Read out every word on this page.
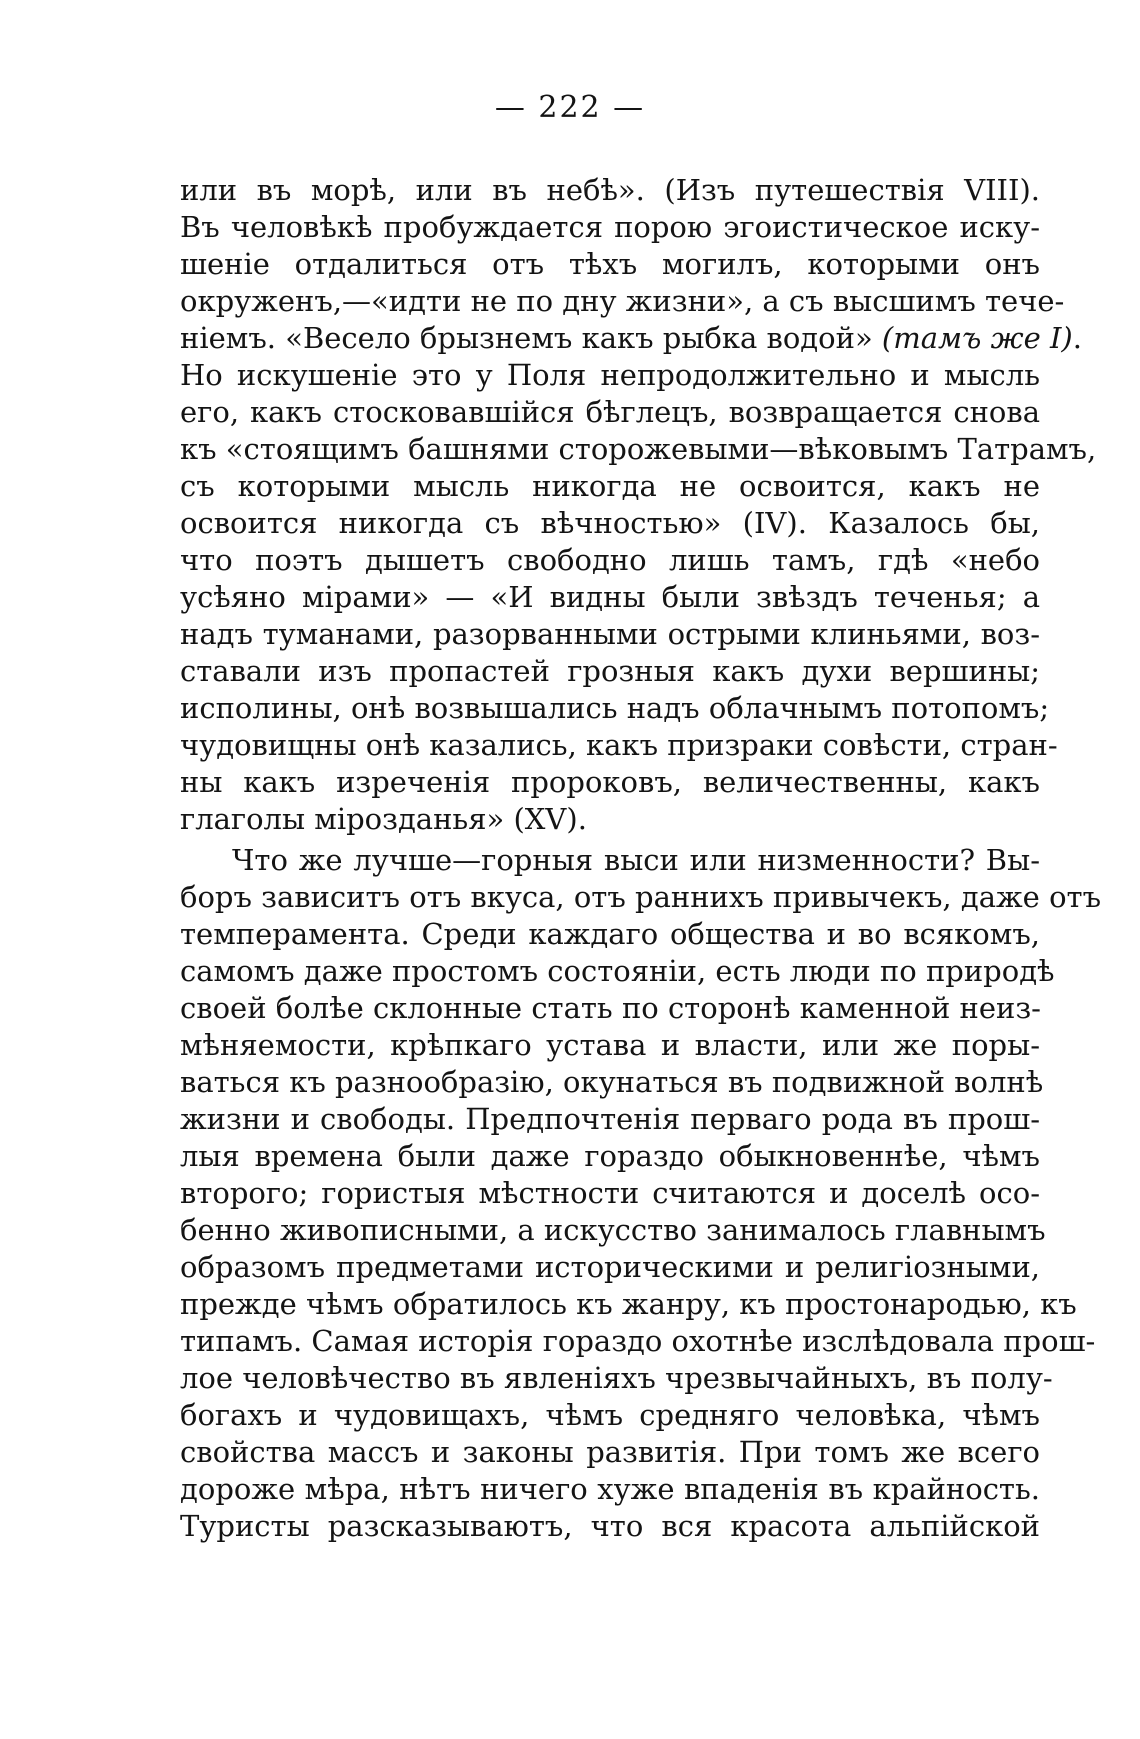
— 222 —
или въ морѣ, или въ небѣ». (Изъ путешествія VIII).
Въ человѣкѣ пробуждается порою эгоистическое иску-
шеніе отдалиться отъ тѣхъ могилъ, которыми онъ
окруженъ,—«идти не по дну жизни», а съ высшимъ тече-
ніемъ. «Весело брызнемъ какъ рыбка водой» (тамъ же I).
Но искушеніе это у Поля непродолжительно и мысль
его, какъ стосковавшійся бѣглецъ, возвращается снова
къ «стоящимъ башнями сторожевыми—вѣковымъ Татрамъ,
съ которыми мысль никогда не освоится, какъ не
освоится никогда съ вѣчностью» (IV). Казалось бы,
что поэтъ дышетъ свободно лишь тамъ, гдѣ «небо
усѣяно мірами» — «И видны были звѣздъ теченья; а
надъ туманами, разорванными острыми клиньями, воз-
ставали изъ пропастей грозныя какъ духи вершины;
исполины, онѣ возвышались надъ облачнымъ потопомъ;
чудовищны онѣ казались, какъ призраки совѣсти, стран-
ны какъ изреченія пророковъ, величественны, какъ
глаголы мірозданья» (XV).
Что же лучше—горныя выси или низменности? Вы-
боръ зависитъ отъ вкуса, отъ раннихъ привычекъ, даже отъ
темперамента. Среди каждаго общества и во всякомъ,
самомъ даже простомъ состояніи, есть люди по природѣ
своей болѣе склонные стать по сторонѣ каменной неиз-
мѣняемости, крѣпкаго устава и власти, или же поры-
ваться къ разнообразію, окунаться въ подвижной волнѣ
жизни и свободы. Предпочтенія перваго рода въ прош-
лыя времена были даже гораздо обыкновеннѣе, чѣмъ
второго; гористыя мѣстности считаются и доселѣ осо-
бенно живописными, а искусство занималось главнымъ
образомъ предметами историческими и религіозными,
прежде чѣмъ обратилось къ жанру, къ простонародью, къ
типамъ. Самая исторія гораздо охотнѣе изслѣдовала прош-
лое человѣчество въ явленіяхъ чрезвычайныхъ, въ полу-
богахъ и чудовищахъ, чѣмъ средняго человѣка, чѣмъ
свойства массъ и законы развитія. При томъ же всего
дороже мѣра, нѣтъ ничего хуже впаденія въ крайность.
Туристы разсказываютъ, что вся красота альпійской
